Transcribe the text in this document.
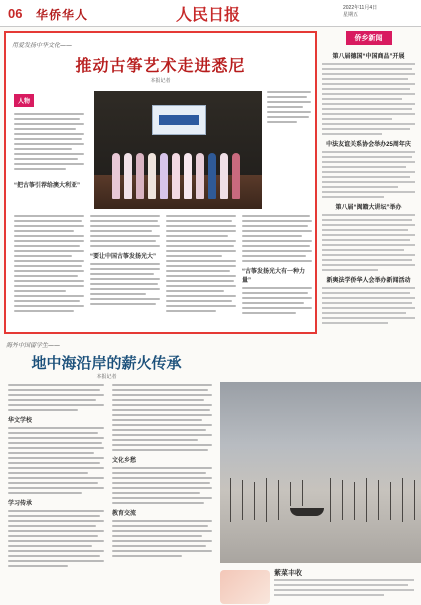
06 华侨华人	人民日报	2022年11月4日
星期五
用爱发扬中华文化——
推动古筝艺术走进悉尼
本报记者
人物
“把古筝引荐给澳大利亚”
“要让中国古筝发扬光大”
“古筝发扬光大有一种力量”
侨乡新闻
第八届德国“中国商品”开展
中法友谊关系协会举办25周年庆
第八届“闽籍大讲坛”举办
新奥法学侨华人会举办新闻活动
海外中国留学生——
地中海沿岸的薪火传承
本报记者
华文学校
学习传承
文化乡愁
教育交流
紫菜丰收
